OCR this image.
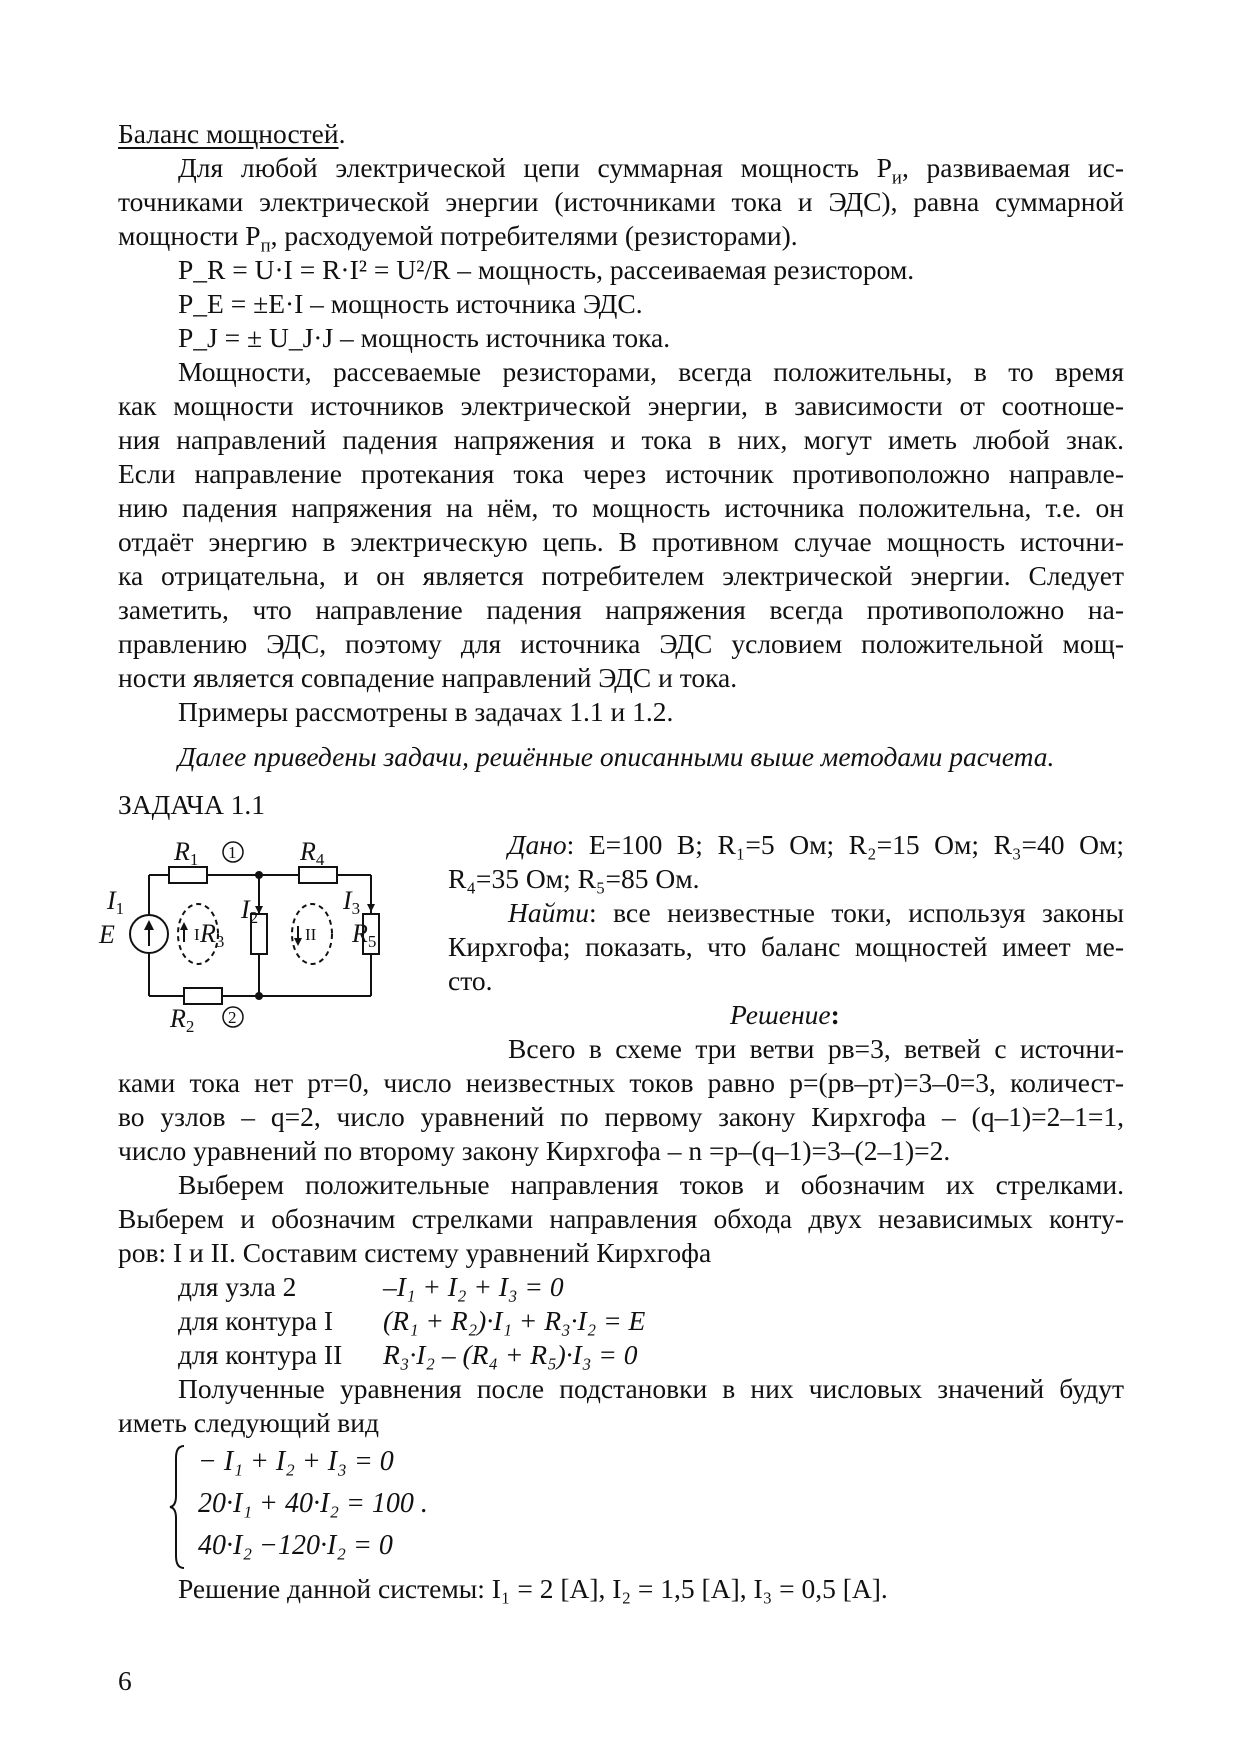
Баланс мощностей.
Для любой электрической цепи суммарная мощность $P_и$, развиваемая ис-
точниками электрической энергии (источниками тока и ЭДС), равна суммарной
мощности $P_п$, расходуемой потребителями (резисторами).
P_R = U·I = R·I² = U²/R – мощность, рассеиваемая резистором.
P_E = ±E·I – мощность источника ЭДС.
P_J = ± U_J·J – мощность источника тока.
Мощности, рассеваемые резисторами, всегда положительны, в то время
как мощности источников электрической энергии, в зависимости от соотноше-
ния направлений падения напряжения и тока в них, могут иметь любой знак.
Если направление протекания тока через источник противоположно направле-
нию падения напряжения на нём, то мощность источника положительна, т.е. он
отдаёт энергию в электрическую цепь. В противном случае мощность источни-
ка отрицательна, и он является потребителем электрической энергии. Следует
заметить, что направление падения напряжения всегда противоположно на-
правлению ЭДС, поэтому для источника ЭДС условием положительной мощ-
ности является совпадение направлений ЭДС и тока.
Примеры рассмотрены в задачах 1.1 и 1.2.
Далее приведены задачи, решённые описанными выше методами расчета.
ЗАДАЧА 1.1
R1	R4
R3	R5
R2
I1	I2
I3
E
1
2
I	II
Дано: E=100 В; R₁=5 Ом; R₂=15 Ом; R₃=40 Ом;
R₄=35 Ом; R₅=85 Ом.
Найти: все неизвестные токи, используя законы
Кирхгофа; показать, что баланс мощностей имеет ме-
сто.
Решение:
Всего в схеме три ветви pв=3, ветвей с источни-
ками тока нет pт=0, число неизвестных токов равно p=(pв–pт)=3–0=3, количест-
во узлов – q=2, число уравнений по первому закону Кирхгофа – (q–1)=2–1=1,
число уравнений по второму закону Кирхгофа – n =p–(q–1)=3–(2–1)=2.
Выберем положительные направления токов и обозначим их стрелками.
Выберем и обозначим стрелками направления обхода двух независимых конту-
ров: I и II. Составим систему уравнений Кирхгофа
для узла 2	–I₁ + I₂ + I₃ = 0
для контура I (R₁ + R₂)·I₁ + R₃·I₂ = E
для контура II R₃·I₂ – (R₄ + R₅)·I₃ = 0
Полученные уравнения после подстановки в них числовых значений будут
иметь следующий вид
− I₁ + I₂ + I₃ = 0
20·I₁ + 40·I₂ = 100 .
40·I₂ −120·I₂ = 0
Решение данной системы: I₁ = 2 [А], I₂ = 1,5 [А], I₃ = 0,5 [А].
6
